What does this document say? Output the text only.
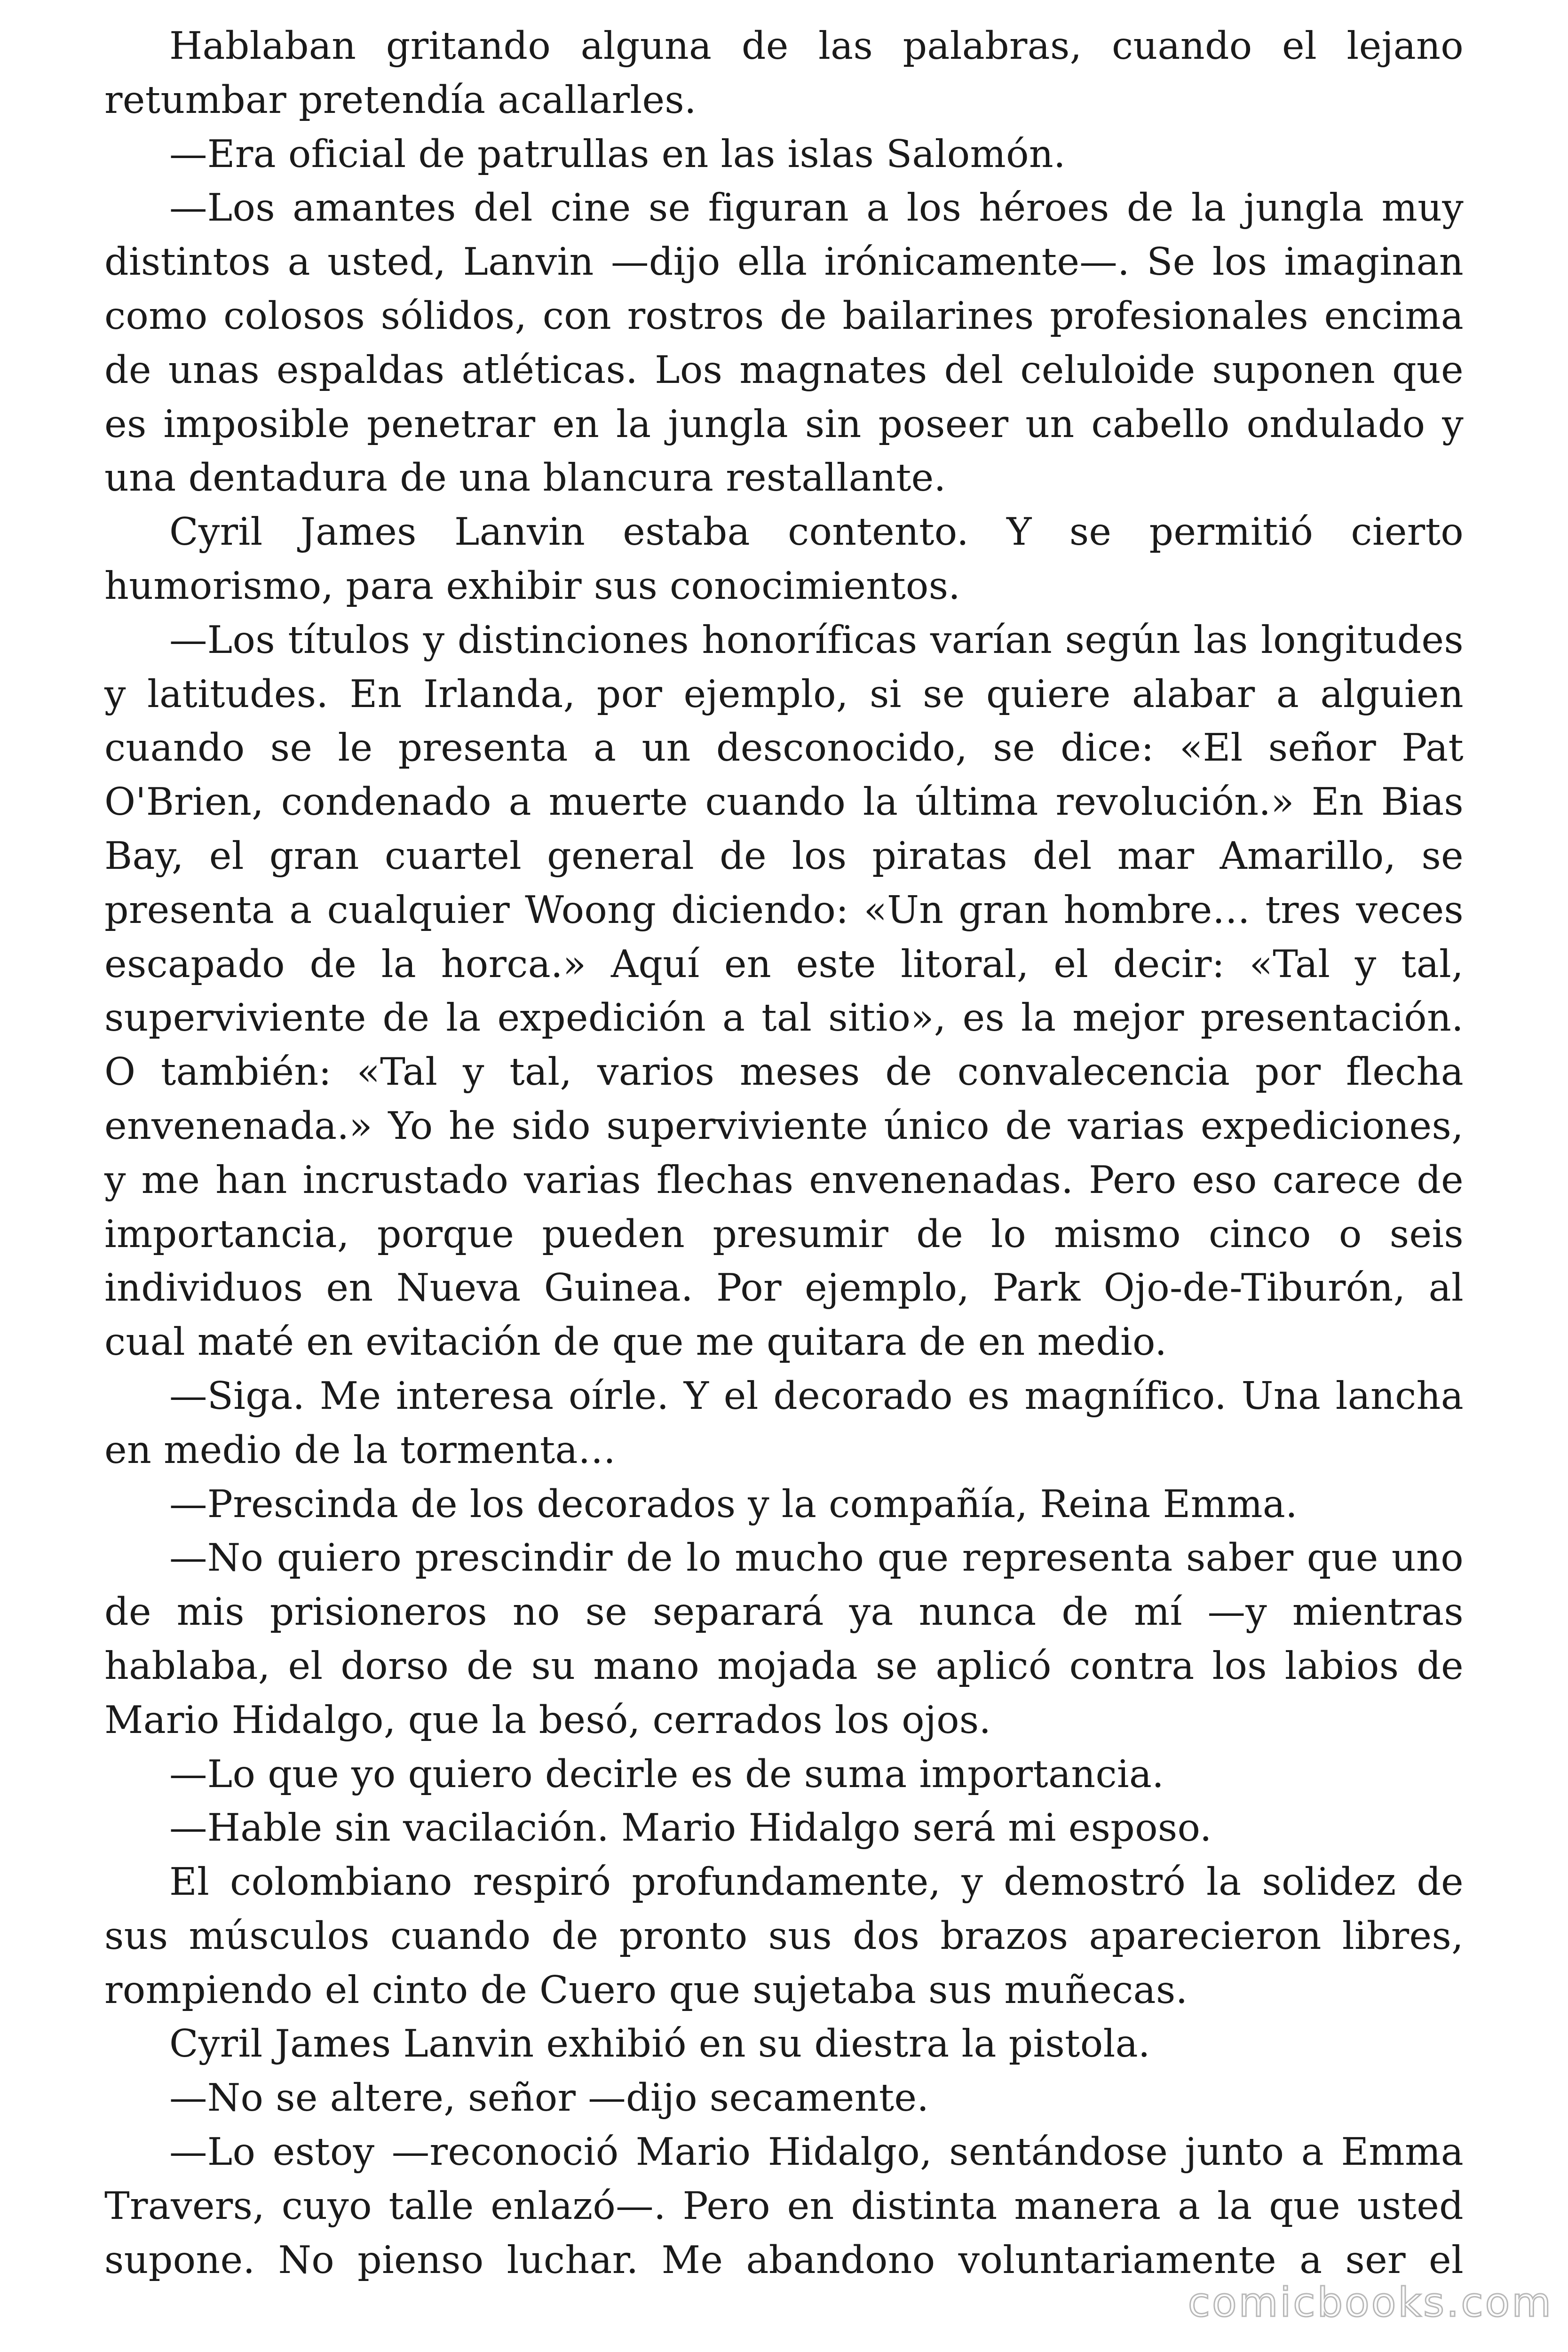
Hablaban gritando alguna de las palabras, cuando el lejano retumbar pretendía acallarles.

—Era oficial de patrullas en las islas Salomón.

—Los amantes del cine se figuran a los héroes de la jungla muy distintos a usted, Lanvin —dijo ella irónicamente—. Se los imaginan como colosos sólidos, con rostros de bailarines profesionales encima de unas espaldas atléticas. Los magnates del celuloide suponen que es imposible penetrar en la jungla sin poseer un cabello ondulado y una dentadura de una blancura restallante.

Cyril James Lanvin estaba contento. Y se permitió cierto humorismo, para exhibir sus conocimientos.

—Los títulos y distinciones honoríficas varían según las longitudes y latitudes. En Irlanda, por ejemplo, si se quiere alabar a alguien cuando se le presenta a un desconocido, se dice: «El señor Pat O'Brien, condenado a muerte cuando la última revolución.» En Bias Bay, el gran cuartel general de los piratas del mar Amarillo, se presenta a cualquier Woong diciendo: «Un gran hombre… tres veces escapado de la horca.» Aquí en este litoral, el decir: «Tal y tal, superviviente de la expedición a tal sitio», es la mejor presentación. O también: «Tal y tal, varios meses de convalecencia por flecha envenenada.» Yo he sido superviviente único de varias expediciones, y me han incrustado varias flechas envenenadas. Pero eso carece de importancia, porque pueden presumir de lo mismo cinco o seis individuos en Nueva Guinea. Por ejemplo, Park Ojo-de-Tiburón, al cual maté en evitación de que me quitara de en medio.

—Siga. Me interesa oírle. Y el decorado es magnífico. Una lancha en medio de la tormenta…

—Prescinda de los decorados y la compañía, Reina Emma.

—No quiero prescindir de lo mucho que representa saber que uno de mis prisioneros no se separará ya nunca de mí —y mientras hablaba, el dorso de su mano mojada se aplicó contra los labios de Mario Hidalgo, que la besó, cerrados los ojos.

—Lo que yo quiero decirle es de suma importancia.

—Hable sin vacilación. Mario Hidalgo será mi esposo.

El colombiano respiró profundamente, y demostró la solidez de sus músculos cuando de pronto sus dos brazos aparecieron libres, rompiendo el cinto de Cuero que sujetaba sus muñecas.

Cyril James Lanvin exhibió en su diestra la pistola.

—No se altere, señor —dijo secamente.

—Lo estoy —reconoció Mario Hidalgo, sentándose junto a Emma Travers, cuyo talle enlazó—. Pero en distinta manera a la que usted supone. No pienso luchar. Me abandono voluntariamente a ser el

comicbooks.com
